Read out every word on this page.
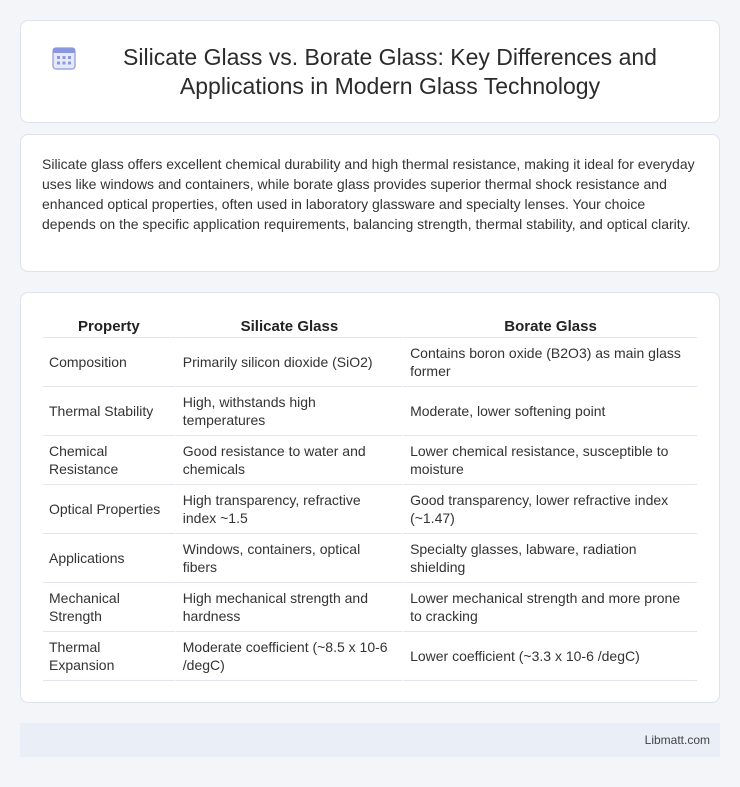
Silicate Glass vs. Borate Glass: Key Differences and Applications in Modern Glass Technology

Silicate glass offers excellent chemical durability and high thermal resistance, making it ideal for everyday uses like windows and containers, while borate glass provides superior thermal shock resistance and enhanced optical properties, often used in laboratory glassware and specialty lenses. Your choice depends on the specific application requirements, balancing strength, thermal stability, and optical clarity.

Property	Silicate Glass	Borate Glass
Composition	Primarily silicon dioxide (SiO2)	Contains boron oxide (B2O3) as main glass former
Thermal Stability	High, withstands high temperatures	Moderate, lower softening point
Chemical Resistance	Good resistance to water and chemicals	Lower chemical resistance, susceptible to moisture
Optical Properties	High transparency, refractive index ~1.5	Good transparency, lower refractive index (~1.47)
Applications	Windows, containers, optical fibers	Specialty glasses, labware, radiation shielding
Mechanical Strength	High mechanical strength and hardness	Lower mechanical strength and more prone to cracking
Thermal Expansion	Moderate coefficient (~8.5 x 10-6 /degC)	Lower coefficient (~3.3 x 10-6 /degC)
Libmatt.com
